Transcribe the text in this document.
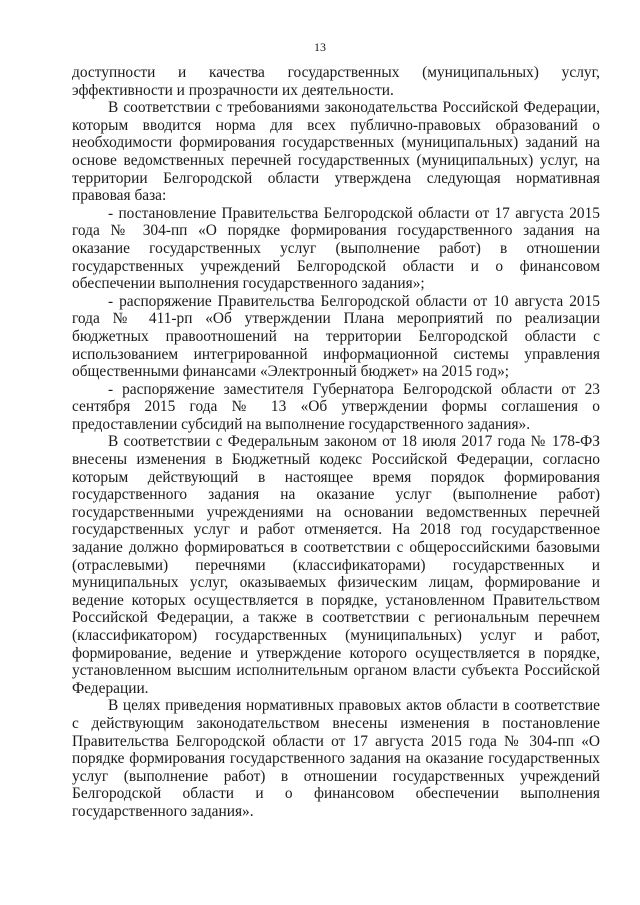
13

доступности и качества государственных (муниципальных) услуг, эффективности и прозрачности их деятельности.

В соответствии с требованиями законодательства Российской Федерации, которым вводится норма для всех публично-правовых образований о необходимости формирования государственных (муниципальных) заданий на основе ведомственных перечней государственных (муниципальных) услуг, на территории Белгородской области утверждена следующая нормативная правовая база:

- постановление Правительства Белгородской области от 17 августа 2015 года № 304-пп «О порядке формирования государственного задания на оказание государственных услуг (выполнение работ) в отношении государственных учреждений Белгородской области и о финансовом обеспечении выполнения государственного задания»;

- распоряжение Правительства Белгородской области от 10 августа 2015 года № 411-рп «Об утверждении Плана мероприятий по реализации бюджетных правоотношений на территории Белгородской области с использованием интегрированной информационной системы управления общественными финансами «Электронный бюджет» на 2015 год»;

- распоряжение заместителя Губернатора Белгородской области от 23 сентября 2015 года № 13 «Об утверждении формы соглашения о предоставлении субсидий на выполнение государственного задания».

В соответствии с Федеральным законом от 18 июля 2017 года № 178-ФЗ внесены изменения в Бюджетный кодекс Российской Федерации, согласно которым действующий в настоящее время порядок формирования государственного задания на оказание услуг (выполнение работ) государственными учреждениями на основании ведомственных перечней государственных услуг и работ отменяется. На 2018 год государственное задание должно формироваться в соответствии с общероссийскими базовыми (отраслевыми) перечнями (классификаторами) государственных и муниципальных услуг, оказываемых физическим лицам, формирование и ведение которых осуществляется в порядке, установленном Правительством Российской Федерации, а также в соответствии с региональным перечнем (классификатором) государственных (муниципальных) услуг и работ, формирование, ведение и утверждение которого осуществляется в порядке, установленном высшим исполнительным органом власти субъекта Российской Федерации.

В целях приведения нормативных правовых актов области в соответствие с действующим законодательством внесены изменения в постановление Правительства Белгородской области от 17 августа 2015 года № 304-пп «О порядке формирования государственного задания на оказание государственных услуг (выполнение работ) в отношении государственных учреждений Белгородской области и о финансовом обеспечении выполнения государственного задания».
